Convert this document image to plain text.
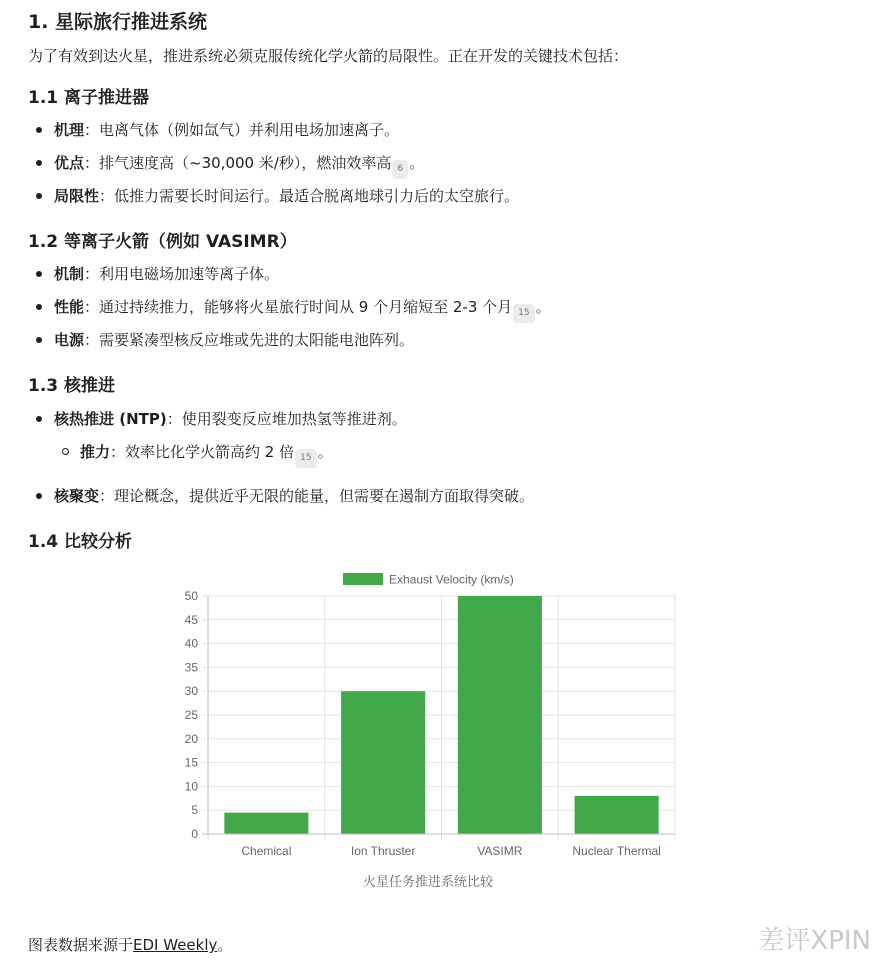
1. 星际旅行推进系统

为了有效到达火星，推进系统必须克服传统化学火箭的局限性。正在开发的关键技术包括：

1.1 离子推进器
机理：电离气体（例如氙气）并利用电场加速离子。
优点：排气速度高（~30,000 米/秒），燃油效率高 6 。
局限性：低推力需要长时间运行。最适合脱离地球引力后的太空旅行。
1.2 等离子火箭（例如 VASIMR）
机制：利用电磁场加速等离子体。
性能：通过持续推力，能够将火星旅行时间从 9 个月缩短至 2-3 个月 15 。
电源：需要紧凑型核反应堆或先进的太阳能电池阵列。
1.3 核推进
核热推进 (NTP)：使用裂变反应堆加热氢等推进剂。
推力：效率比化学火箭高约 2 倍 15 。
核聚变：理论概念，提供近乎无限的能量，但需要在遏制方面取得突破。
1.4 比较分析
0
5
10
15
20
25
30
35
40
45
50
Chemical	Ion Thruster	VASIMR	Nuclear Thermal
Exhaust Velocity (km/s)
火星任务推进系统比较

图表数据来源于EDI Weekly。	差评XPIN
